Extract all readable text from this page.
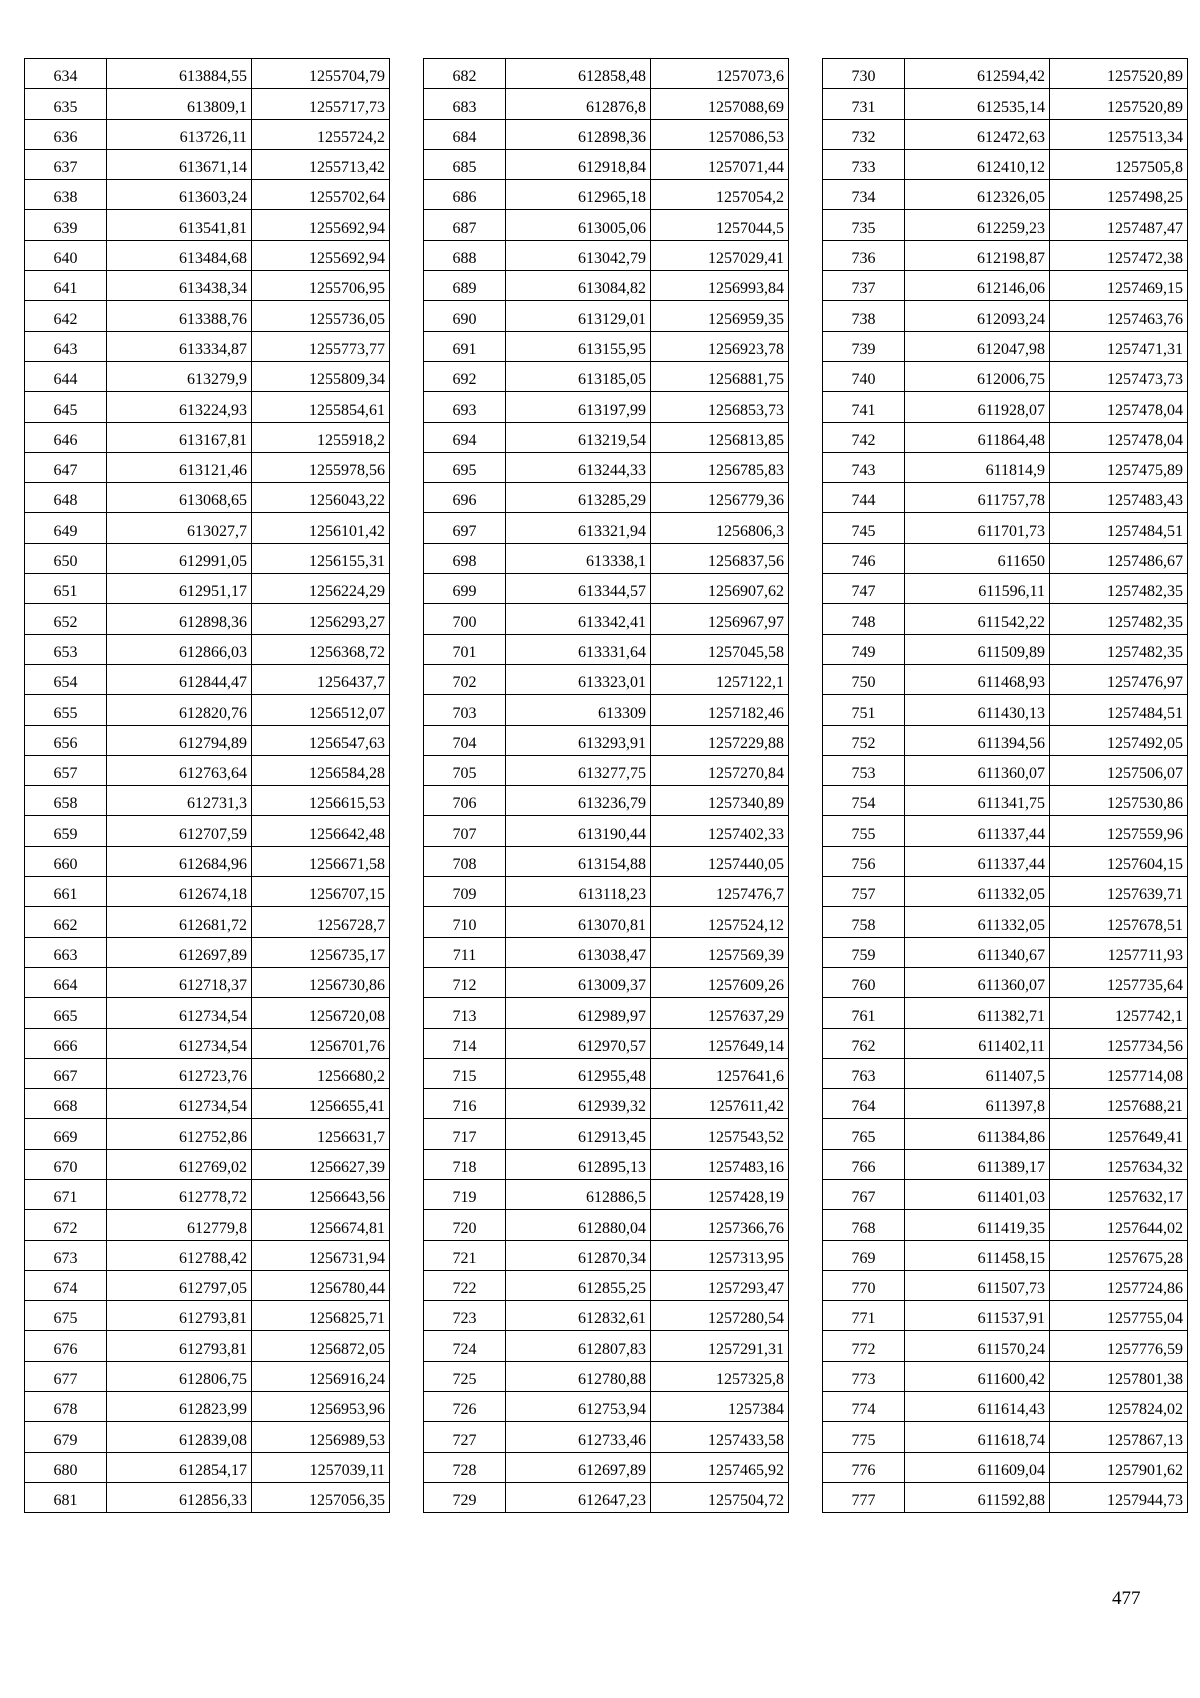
634	613884,55	1255704,79
635	613809,1	1255717,73
636	613726,11	1255724,2
637	613671,14	1255713,42
638	613603,24	1255702,64
639	613541,81	1255692,94
640	613484,68	1255692,94
641	613438,34	1255706,95
642	613388,76	1255736,05
643	613334,87	1255773,77
644	613279,9	1255809,34
645	613224,93	1255854,61
646	613167,81	1255918,2
647	613121,46	1255978,56
648	613068,65	1256043,22
649	613027,7	1256101,42
650	612991,05	1256155,31
651	612951,17	1256224,29
652	612898,36	1256293,27
653	612866,03	1256368,72
654	612844,47	1256437,7
655	612820,76	1256512,07
656	612794,89	1256547,63
657	612763,64	1256584,28
658	612731,3	1256615,53
659	612707,59	1256642,48
660	612684,96	1256671,58
661	612674,18	1256707,15
662	612681,72	1256728,7
663	612697,89	1256735,17
664	612718,37	1256730,86
665	612734,54	1256720,08
666	612734,54	1256701,76
667	612723,76	1256680,2
668	612734,54	1256655,41
669	612752,86	1256631,7
670	612769,02	1256627,39
671	612778,72	1256643,56
672	612779,8	1256674,81
673	612788,42	1256731,94
674	612797,05	1256780,44
675	612793,81	1256825,71
676	612793,81	1256872,05
677	612806,75	1256916,24
678	612823,99	1256953,96
679	612839,08	1256989,53
680	612854,17	1257039,11
681	612856,33	1257056,35
682	612858,48	1257073,6
683	612876,8	1257088,69
684	612898,36	1257086,53
685	612918,84	1257071,44
686	612965,18	1257054,2
687	613005,06	1257044,5
688	613042,79	1257029,41
689	613084,82	1256993,84
690	613129,01	1256959,35
691	613155,95	1256923,78
692	613185,05	1256881,75
693	613197,99	1256853,73
694	613219,54	1256813,85
695	613244,33	1256785,83
696	613285,29	1256779,36
697	613321,94	1256806,3
698	613338,1	1256837,56
699	613344,57	1256907,62
700	613342,41	1256967,97
701	613331,64	1257045,58
702	613323,01	1257122,1
703	613309	1257182,46
704	613293,91	1257229,88
705	613277,75	1257270,84
706	613236,79	1257340,89
707	613190,44	1257402,33
708	613154,88	1257440,05
709	613118,23	1257476,7
710	613070,81	1257524,12
711	613038,47	1257569,39
712	613009,37	1257609,26
713	612989,97	1257637,29
714	612970,57	1257649,14
715	612955,48	1257641,6
716	612939,32	1257611,42
717	612913,45	1257543,52
718	612895,13	1257483,16
719	612886,5	1257428,19
720	612880,04	1257366,76
721	612870,34	1257313,95
722	612855,25	1257293,47
723	612832,61	1257280,54
724	612807,83	1257291,31
725	612780,88	1257325,8
726	612753,94	1257384
727	612733,46	1257433,58
728	612697,89	1257465,92
729	612647,23	1257504,72
730	612594,42	1257520,89
731	612535,14	1257520,89
732	612472,63	1257513,34
733	612410,12	1257505,8
734	612326,05	1257498,25
735	612259,23	1257487,47
736	612198,87	1257472,38
737	612146,06	1257469,15
738	612093,24	1257463,76
739	612047,98	1257471,31
740	612006,75	1257473,73
741	611928,07	1257478,04
742	611864,48	1257478,04
743	611814,9	1257475,89
744	611757,78	1257483,43
745	611701,73	1257484,51
746	611650	1257486,67
747	611596,11	1257482,35
748	611542,22	1257482,35
749	611509,89	1257482,35
750	611468,93	1257476,97
751	611430,13	1257484,51
752	611394,56	1257492,05
753	611360,07	1257506,07
754	611341,75	1257530,86
755	611337,44	1257559,96
756	611337,44	1257604,15
757	611332,05	1257639,71
758	611332,05	1257678,51
759	611340,67	1257711,93
760	611360,07	1257735,64
761	611382,71	1257742,1
762	611402,11	1257734,56
763	611407,5	1257714,08
764	611397,8	1257688,21
765	611384,86	1257649,41
766	611389,17	1257634,32
767	611401,03	1257632,17
768	611419,35	1257644,02
769	611458,15	1257675,28
770	611507,73	1257724,86
771	611537,91	1257755,04
772	611570,24	1257776,59
773	611600,42	1257801,38
774	611614,43	1257824,02
775	611618,74	1257867,13
776	611609,04	1257901,62
777	611592,88	1257944,73
477
